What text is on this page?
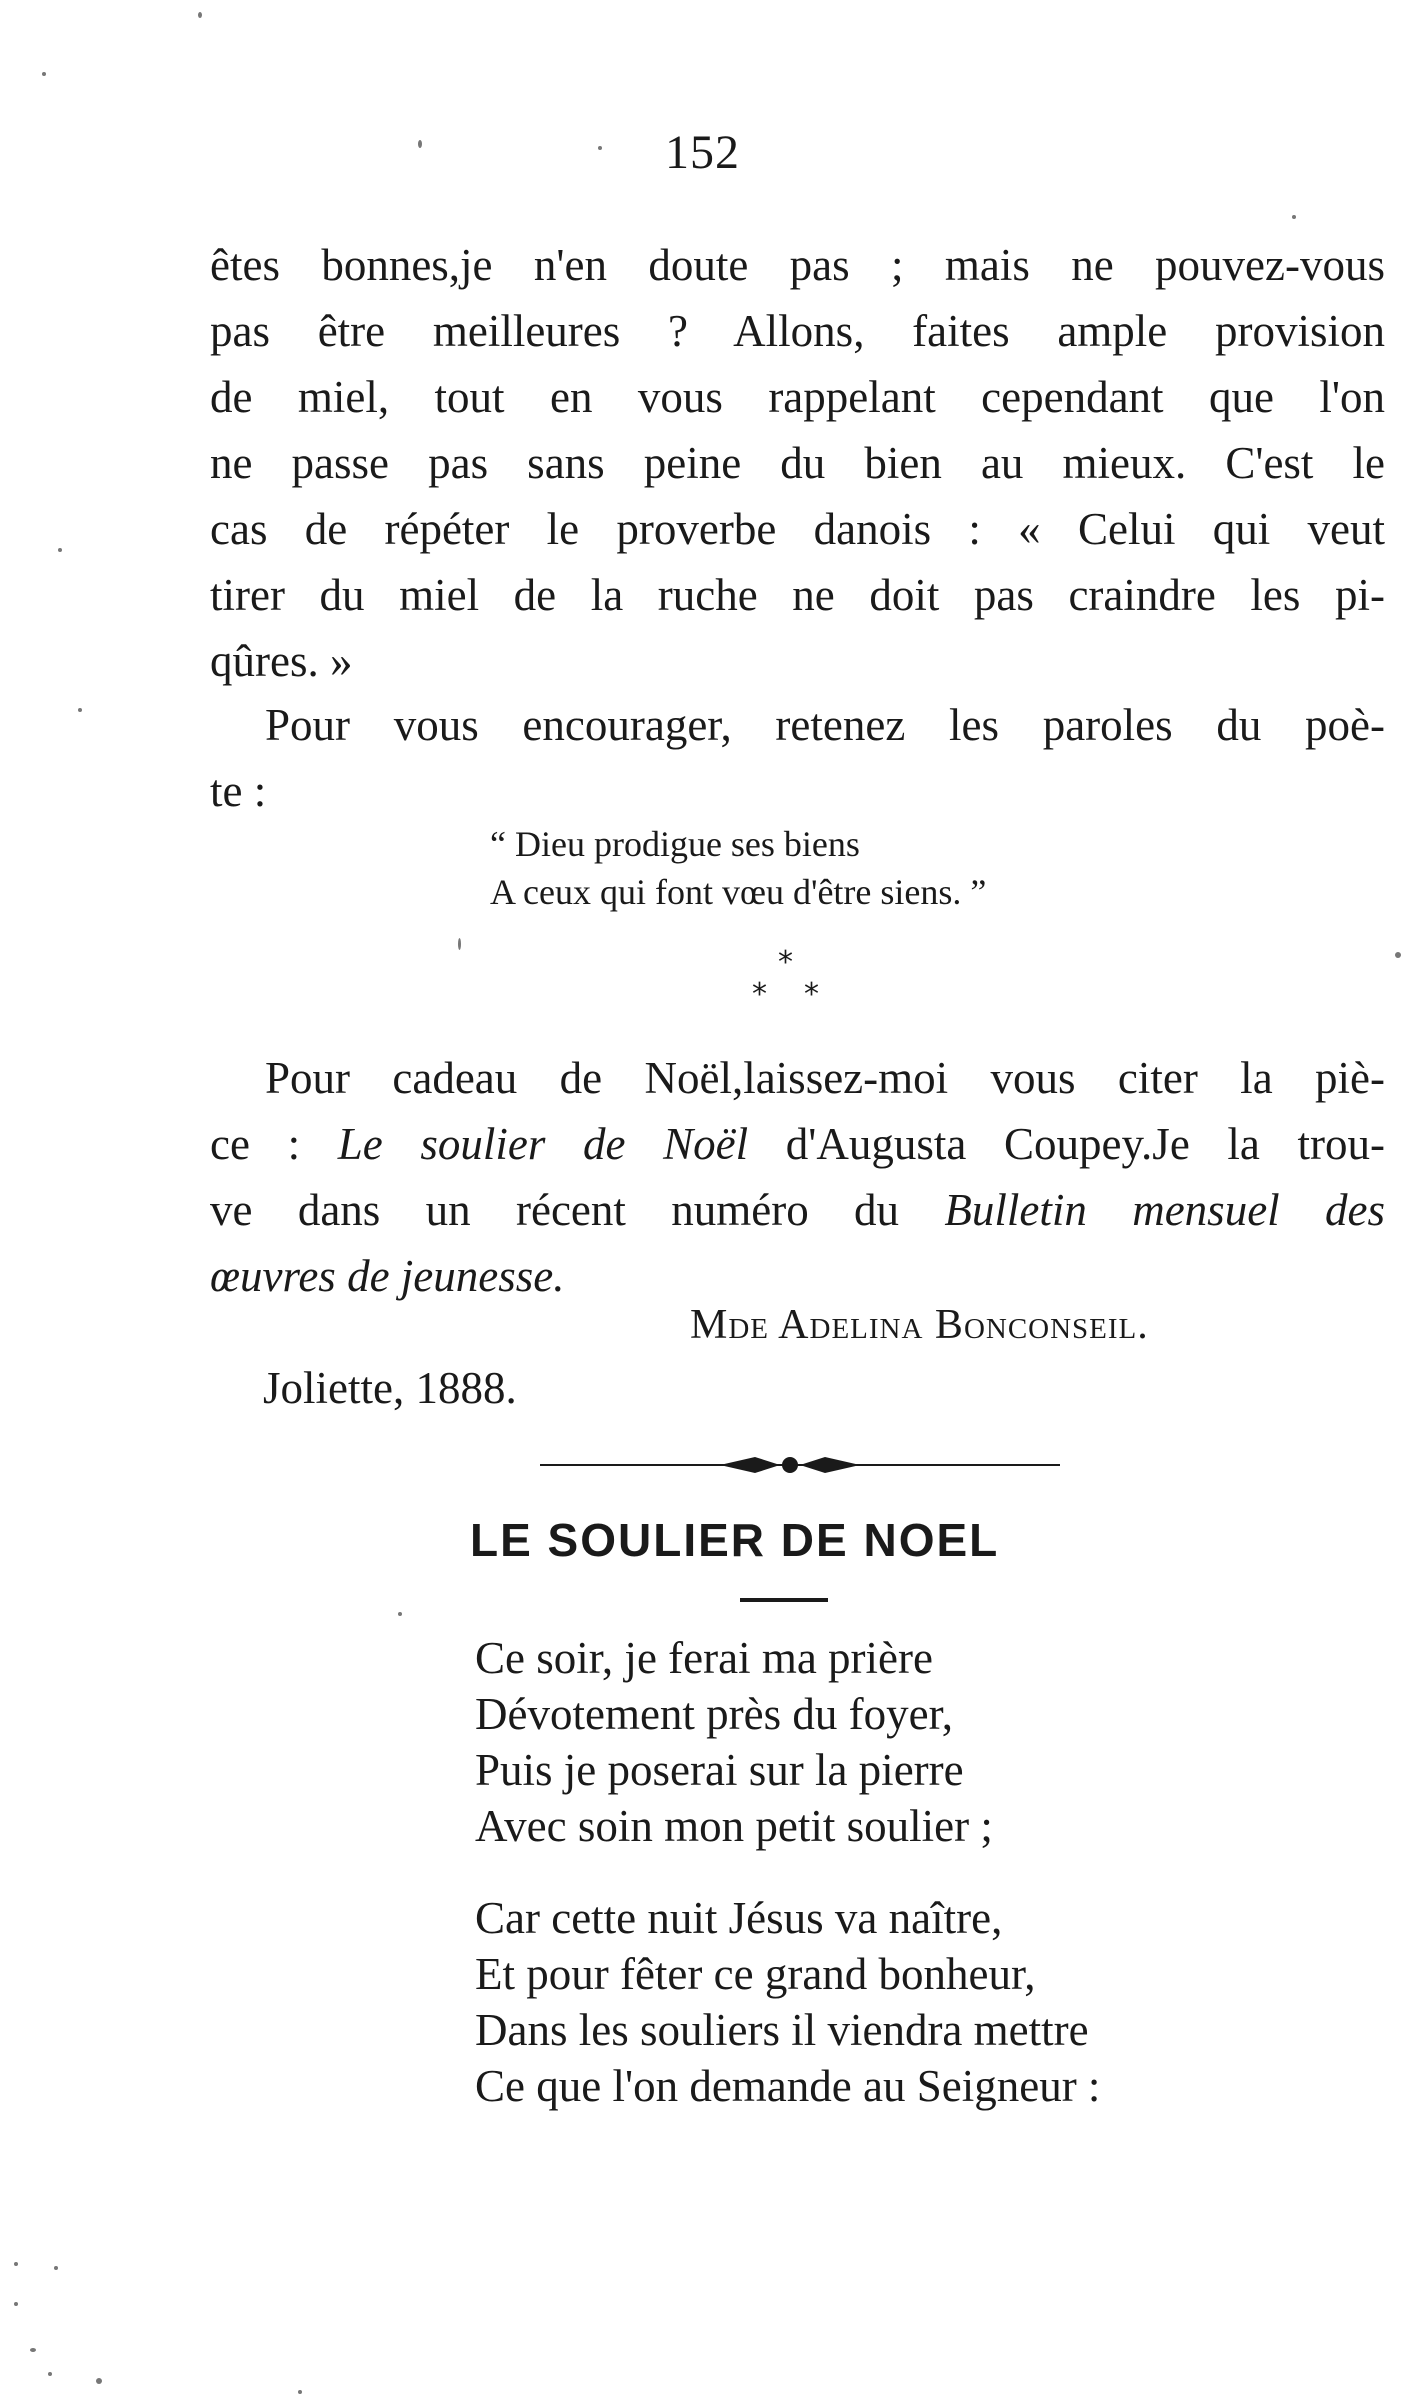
152

êtes bonnes,je n'en doute pas ; mais ne pouvez-vous
pas être meilleures ? Allons, faites ample provision
de miel, tout en vous rappelant cependant que l'on
ne passe pas sans peine du bien au mieux. C'est le
cas de répéter le proverbe danois : « Celui qui veut
tirer du miel de la ruche ne doit pas craindre les pi-
qûres. »

Pour vous encourager, retenez les paroles du poè-
te :

“ Dieu prodigue ses biens
A ceux qui font vœu d'être siens. ”
*
* *

Pour cadeau de Noël,laissez-moi vous citer la piè-
ce : Le soulier de Noël d'Augusta Coupey.Je la trou-
ve dans un récent numéro du Bulletin mensuel des
œuvres de jeunesse.

Mde Adelina Bonconseil.
Joliette, 1888.
LE SOULIER DE NOEL
Ce soir, je ferai ma prière
Dévotement près du foyer,
Puis je poserai sur la pierre
Avec soin mon petit soulier ;
Car cette nuit Jésus va naître,
Et pour fêter ce grand bonheur,
Dans les souliers il viendra mettre
Ce que l'on demande au Seigneur :
